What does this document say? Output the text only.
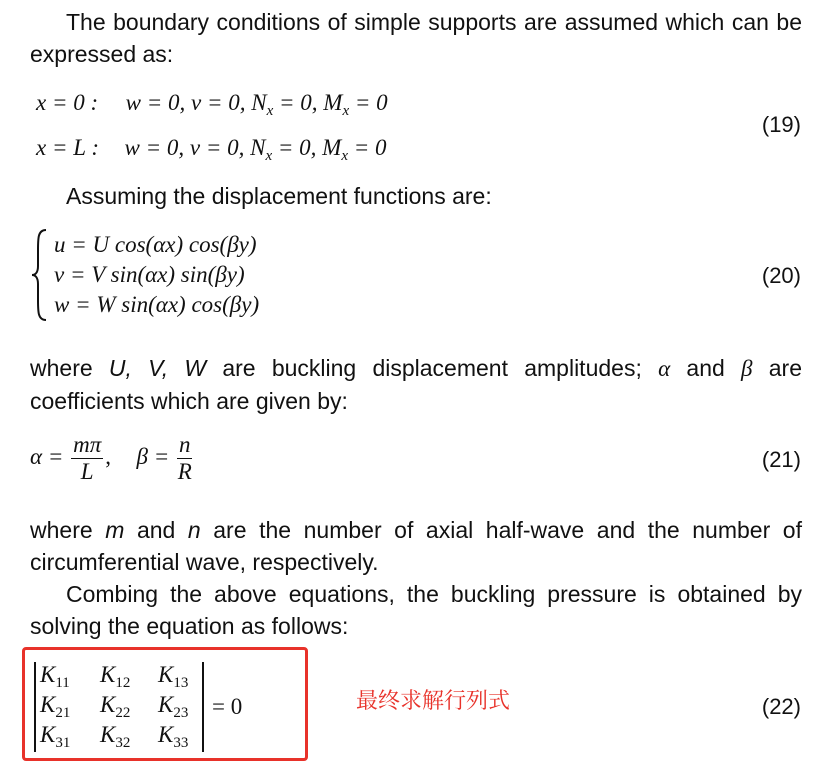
The boundary conditions of simple supports are assumed which can be expressed as:
x = 0 : w = 0, v = 0, $N_x = 0$, $M_x = 0$
x = L : w = 0, v = 0, $N_x = 0$, $M_x = 0$
(19)
Assuming the displacement functions are:
u = U cos(αx) cos(βy)
v = V sin(αx) sin(βy)
w = W sin(αx) cos(βy)
(20)
where U, V, W are buckling displacement amplitudes; α and β are coefficients which are given by:
$\alpha = \frac{m\pi}{L}$ , $\beta = \frac{n}{R}$	(21)
where m and n are the number of axial half-wave and the number of circumferential wave, respectively.
Combing the above equations, the buckling pressure is obtained by solving the equation as follows:
$K_{11}$ $K_{12}$ $K_{13}$
$K_{21}$ $K_{22}$ $K_{23}$
$K_{31}$ $K_{32}$ $K_{33}$
= 0	最终求解行列式	(22)
